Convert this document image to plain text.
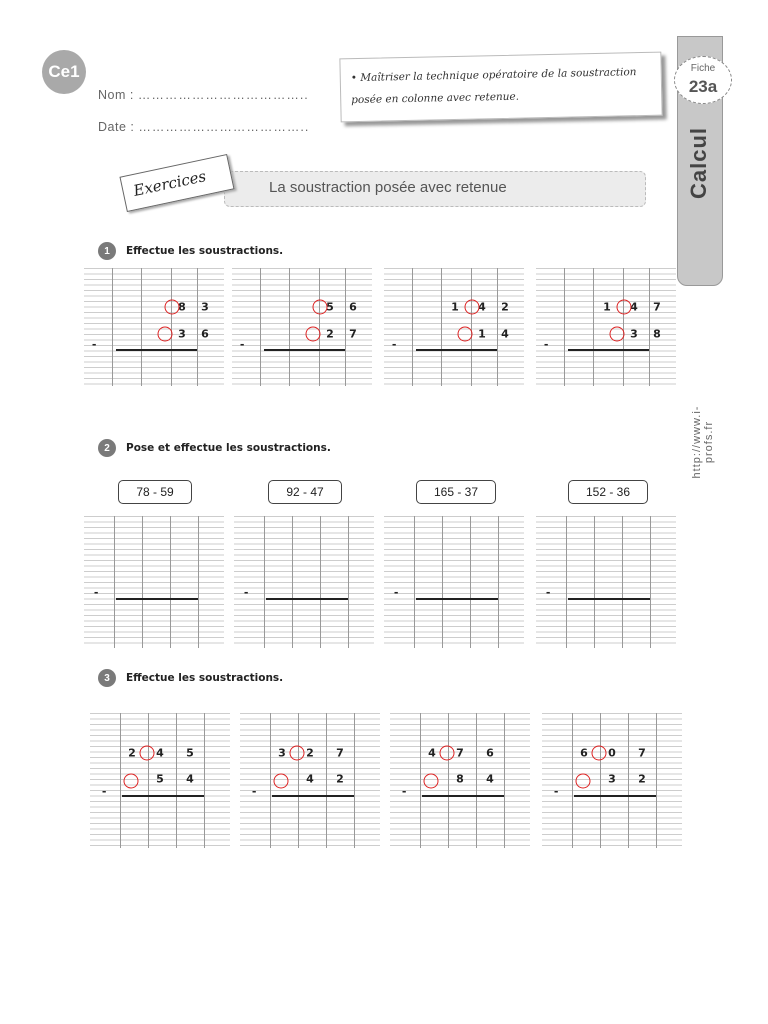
Ce1
Nom : ………………………………..
Date : ………………………………..
• Maîtriser la technique opératoire de la soustraction posée en colonne avec retenue.
Fiche
23a
Calcul
http://www.i-profs.fr
La soustraction posée avec retenue
Exercices
1	Effectue les soustractions.
2	Pose et effectue les soustractions.
3	Effectue les soustractions.
8 3
3 6
-
5 6
2 7
-
1 4 2
1 4
-
1 4 7
3 8
-
78 - 59
-
92 - 47
-
165 - 37
-
152 - 36
-
2 4 5
5 4
-
3 2 7
4 2
-
4 7 6
8 4
-
6 0 7
3 2
-
